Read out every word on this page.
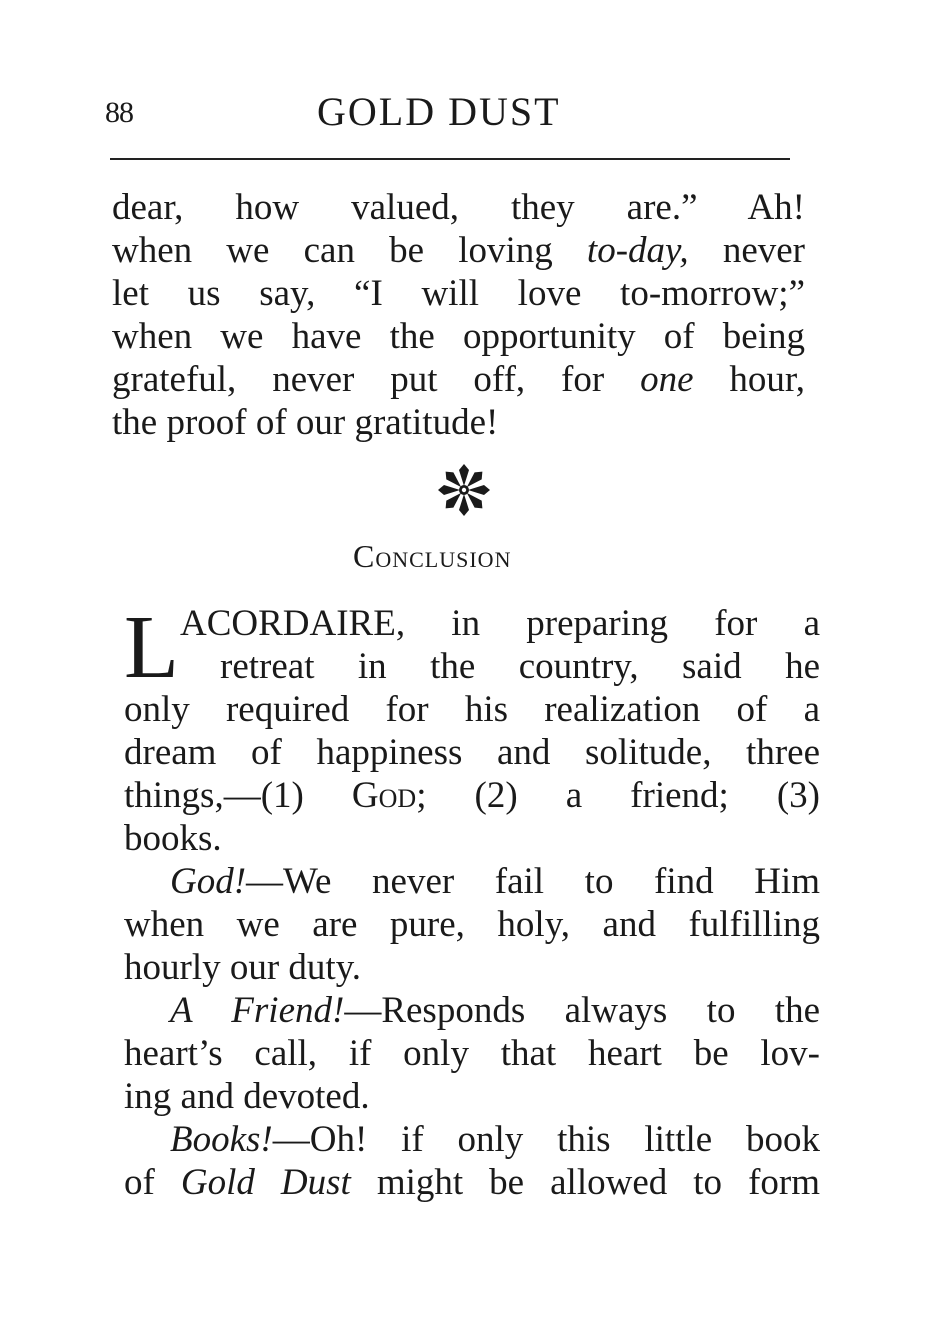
88	GOLD DUST
dear, how valued, they are.” Ah!
when we can be loving to-day, never
let us say, “I will love to-morrow;”
when we have the opportunity of being
grateful, never put off, for one hour,
the proof of our gratitude!
Conclusion
L ACORDAIRE, in preparing for a
retreat in the country, said he
only required for his realization of a
dream of happiness and solitude, three
things,—(1) God; (2) a friend; (3)
books.
God!—We never fail to find Him
when we are pure, holy, and fulfilling
hourly our duty.
A Friend!—Responds always to the
heart’s call, if only that heart be lov-
ing and devoted.
Books!—Oh! if only this little book
of Gold Dust might be allowed to form
